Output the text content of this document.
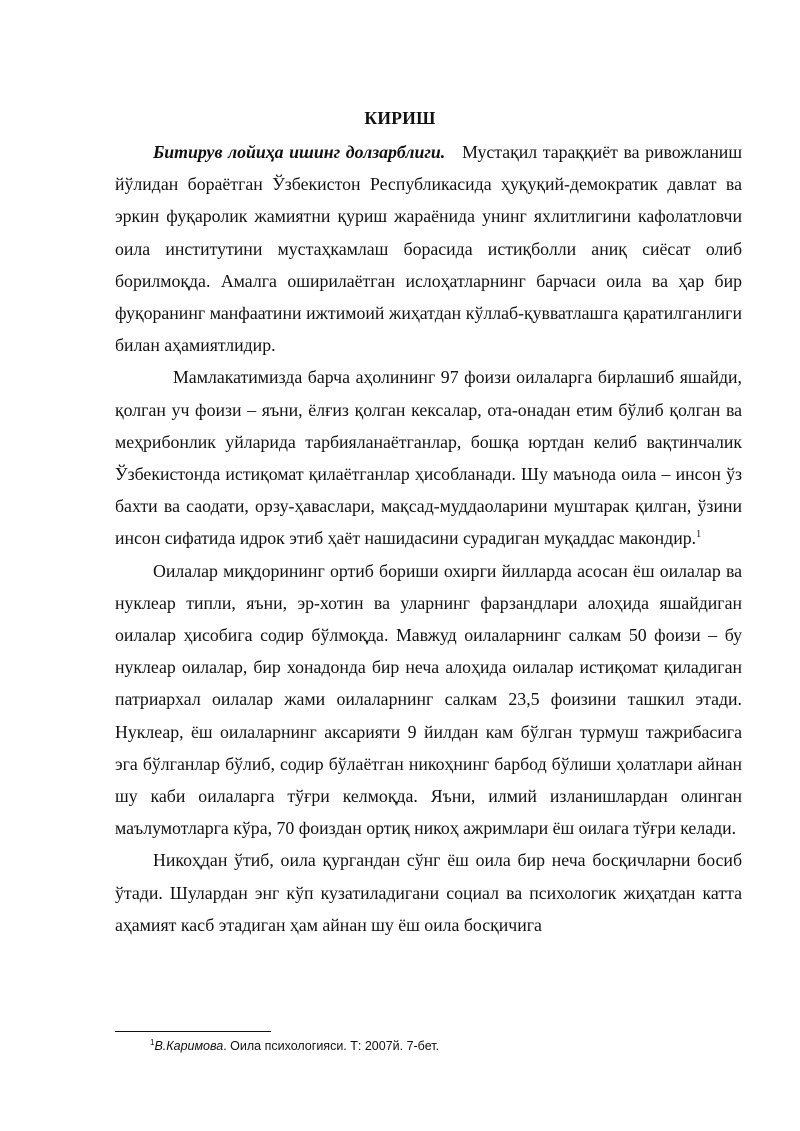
КИРИШ

Битирув лойиҳа ишинг долзарблиги. Мустақил тараққиёт ва ривожланиш йўлидан бораётган Ўзбекистон Республикасида ҳуқуқий-демократик давлат ва эркин фуқаролик жамиятни қуриш жараёнида унинг яхлитлигини кафолатловчи оила институтини мустаҳкамлаш борасида истиқболли аниқ сиёсат олиб борилмоқда. Амалга оширилаётган ислоҳатларнинг барчаси оила ва ҳар бир фуқоранинг манфаатини ижтимоий жиҳатдан кўллаб-қувватлашга қаратилганлиги билан аҳамиятлидир.

Мамлакатимизда барча аҳолининг 97 фоизи оилаларга бирлашиб яшайди, қолган уч фоизи – яъни, ёлғиз қолган кексалар, ота-онадан етим бўлиб қолган ва меҳрибонлик уйларида тарбияланаётганлар, бошқа юртдан келиб вақтинчалик Ўзбекистонда истиқомат қилаётганлар ҳисобланади. Шу маънода оила – инсон ўз бахти ва саодати, орзу-ҳаваслари, мақсад-муддаоларини муштарак қилган, ўзини инсон сифатида идрок этиб ҳаёт нашидасини сурадиган муқаддас макондир.$^1$

Оилалар миқдорининг ортиб бориши охирги йилларда асосан ёш оилалар ва нуклеар типли, яъни, эр-хотин ва уларнинг фарзандлари алоҳида яшайдиган оилалар ҳисобига содир бўлмоқда. Мавжуд оилаларнинг салкам 50 фоизи – бу нуклеар оилалар, бир хонадонда бир неча алоҳида оилалар истиқомат қиладиган патриархал оилалар жами оилаларнинг салкам 23,5 фоизини ташкил этади. Нуклеар, ёш оилаларнинг аксарияти 9 йилдан кам бўлган турмуш тажрибасига эга бўлганлар бўлиб, содир бўлаётган никоҳнинг барбод бўлиши ҳолатлари айнан шу каби оилаларга тўғри келмоқда. Яъни, илмий изланишлардан олинган маълумотларга кўра, 70 фоиздан ортиқ никоҳ ажримлари ёш оилага тўғри келади.

Никоҳдан ўтиб, оила қургандан сўнг ёш оила бир неча босқичларни босиб ўтади. Шулардан энг кўп кузатиладигани социал ва психологик жиҳатдан катта аҳамият касб этадиган ҳам айнан шу ёш оила босқичига

$^1$В.Каримова. Оила психологияси. Т: 2007й. 7-бет.
